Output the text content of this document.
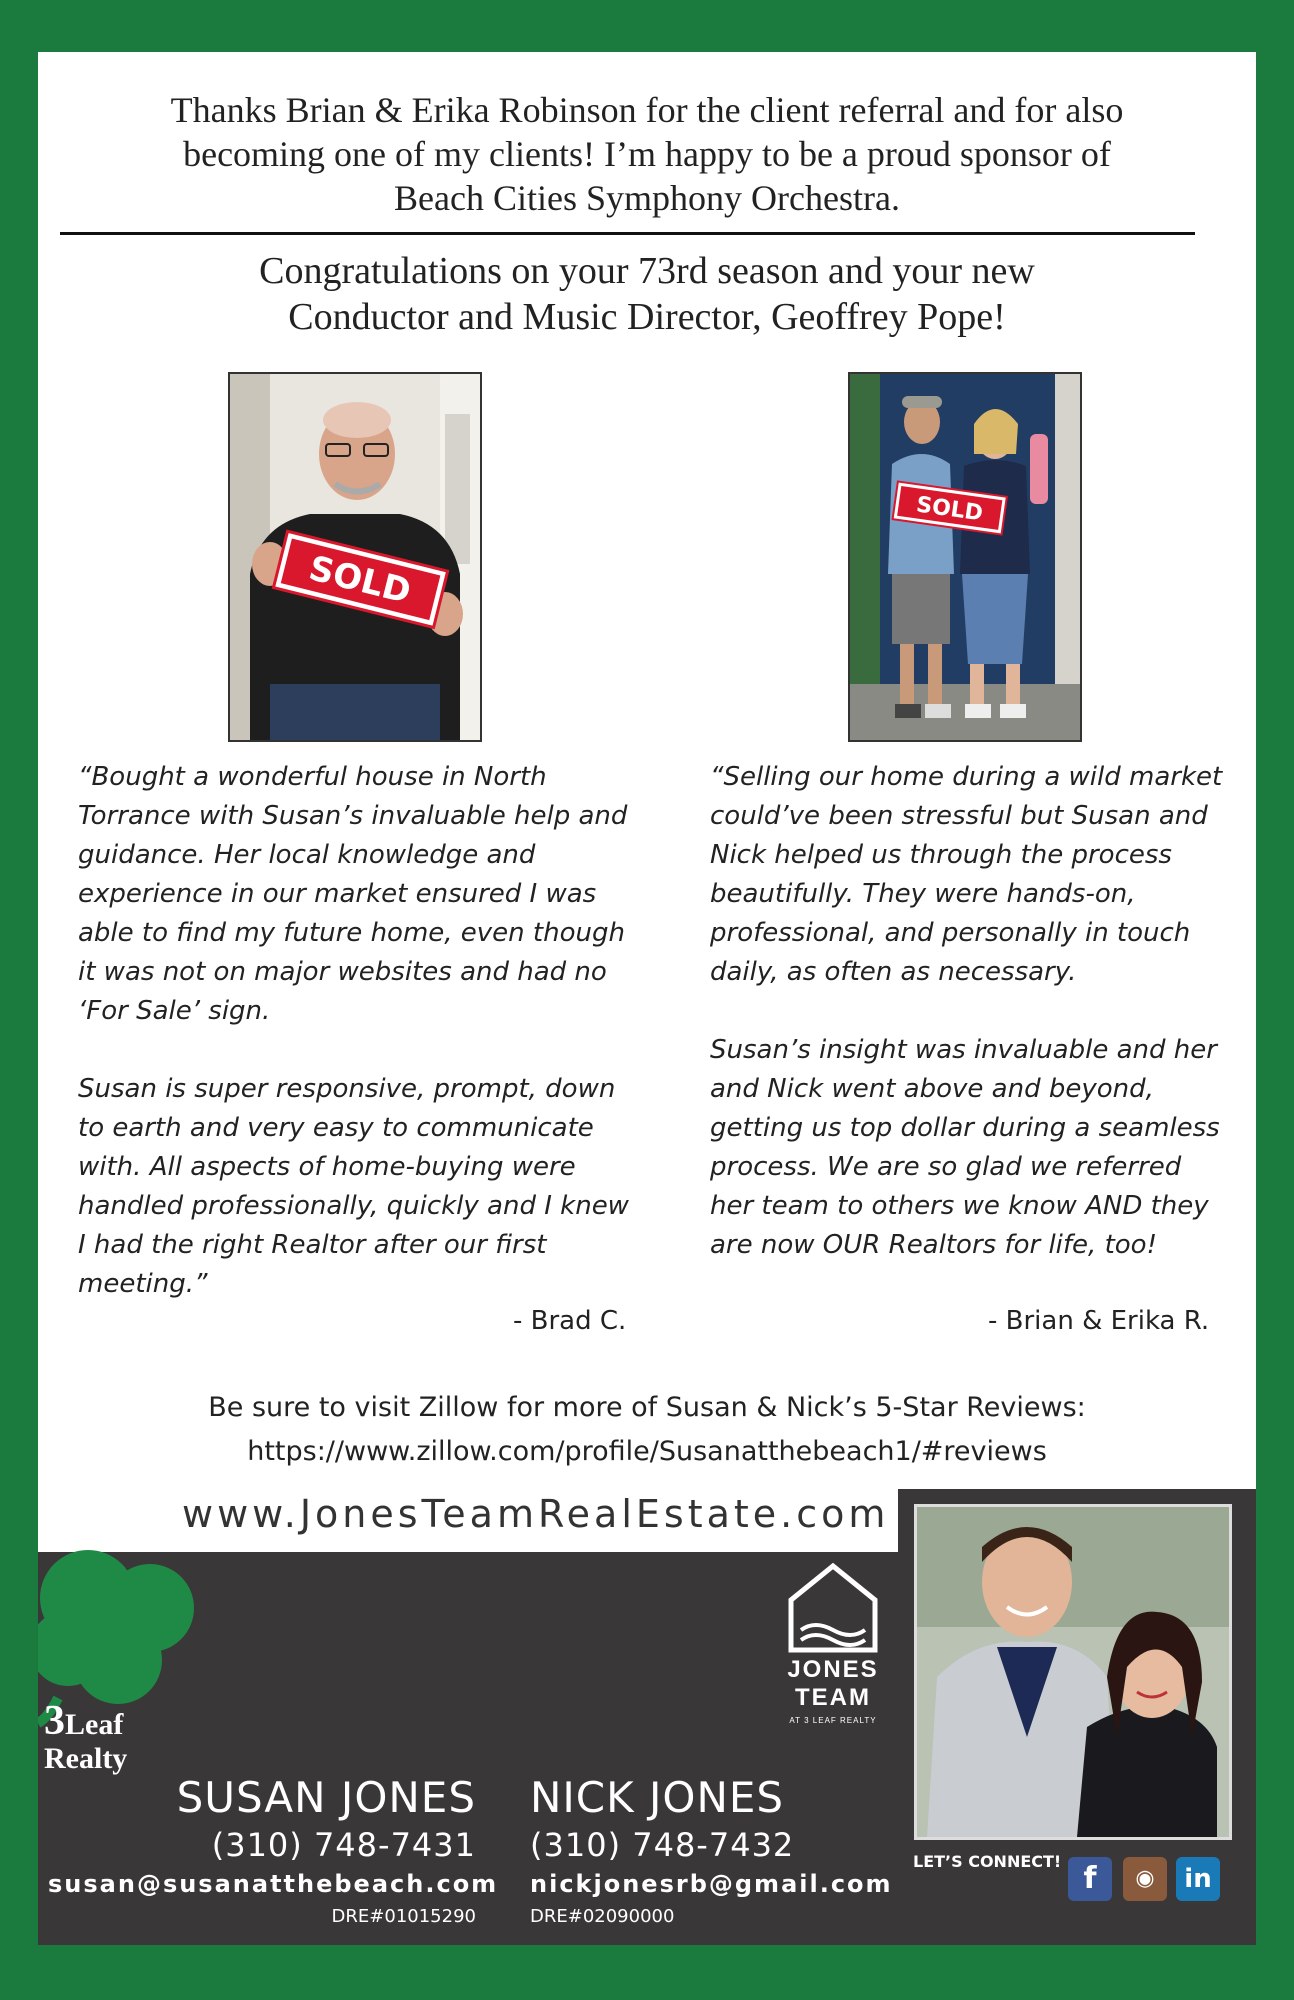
Thanks Brian & Erika Robinson for the client referral and for also
becoming one of my clients! I’m happy to be a proud sponsor of
Beach Cities Symphony Orchestra.
Congratulations on your 73rd season and your new
Conductor and Music Director, Geoffrey Pope!
SOLD
SOLD

“Bought a wonderful house in North
Torrance with Susan’s invaluable help and
guidance. Her local knowledge and
experience in our market ensured I was
able to find my future home, even though
it was not on major websites and had no
‘For Sale’ sign.

Susan is super responsive, prompt, down
to earth and very easy to communicate
with. All aspects of home-buying were
handled professionally, quickly and I knew
I had the right Realtor after our first
meeting.”

- Brad C.

“Selling our home during a wild market
could’ve been stressful but Susan and
Nick helped us through the process
beautifully. They were hands-on,
professional, and personally in touch
daily, as often as necessary.

Susan’s insight was invaluable and her
and Nick went above and beyond,
getting us top dollar during a seamless
process. We are so glad we referred
her team to others we know AND they
are now OUR Realtors for life, too!

- Brian & Erika R.
Be sure to visit Zillow for more of Susan & Nick’s 5-Star Reviews:
https://www.zillow.com/profile/Susanatthebeach1/#reviews
www.JonesTeamRealEstate.com
3Leaf
Realty
JONES
TEAM
AT 3 LEAF REALTY
SUSAN JONES
(310) 748-7431
susan@susanatthebeach.com
DRE#01015290
NICK JONES
(310) 748-7432
nickjonesrb@gmail.com
DRE#02090000
LET’S CONNECT! f	◉	in
